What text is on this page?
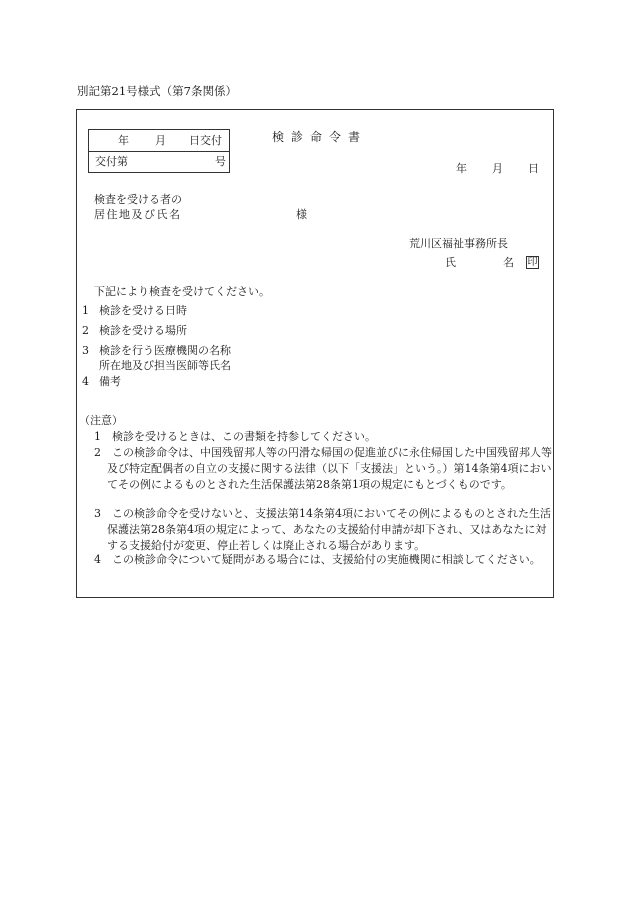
別記第21号様式（第7条関係）
年 月 日交付
交付第	号
検診命令書
年 月 日
検査を受ける者の
居住地及び氏名	様
荒川区福祉事務所長
氏	名 印
下記により検査を受けてください。
1 検診を受ける日時
2 検診を受ける場所
3 検診を行う医療機関の名称
所在地及び担当医師等氏名
4 備考
（注意）

1　検診を受けるときは、この書類を持参してください。

2　この検診命令は、中国残留邦人等の円滑な帰国の促進並びに永住帰国した中国残留邦人等及び特定配偶者の自立の支援に関する法律（以下「支援法」という。）第14条第4項においてその例によるものとされた生活保護法第28条第1項の規定にもとづくものです。

3　この検診命令を受けないと、支援法第14条第4項においてその例によるものとされた生活保護法第28条第4項の規定によって、あなたの支援給付申請が却下され、又はあなたに対する支援給付が変更、停止若しくは廃止される場合があります。

4　この検診命令について疑問がある場合には、支援給付の実施機関に相談してください。
